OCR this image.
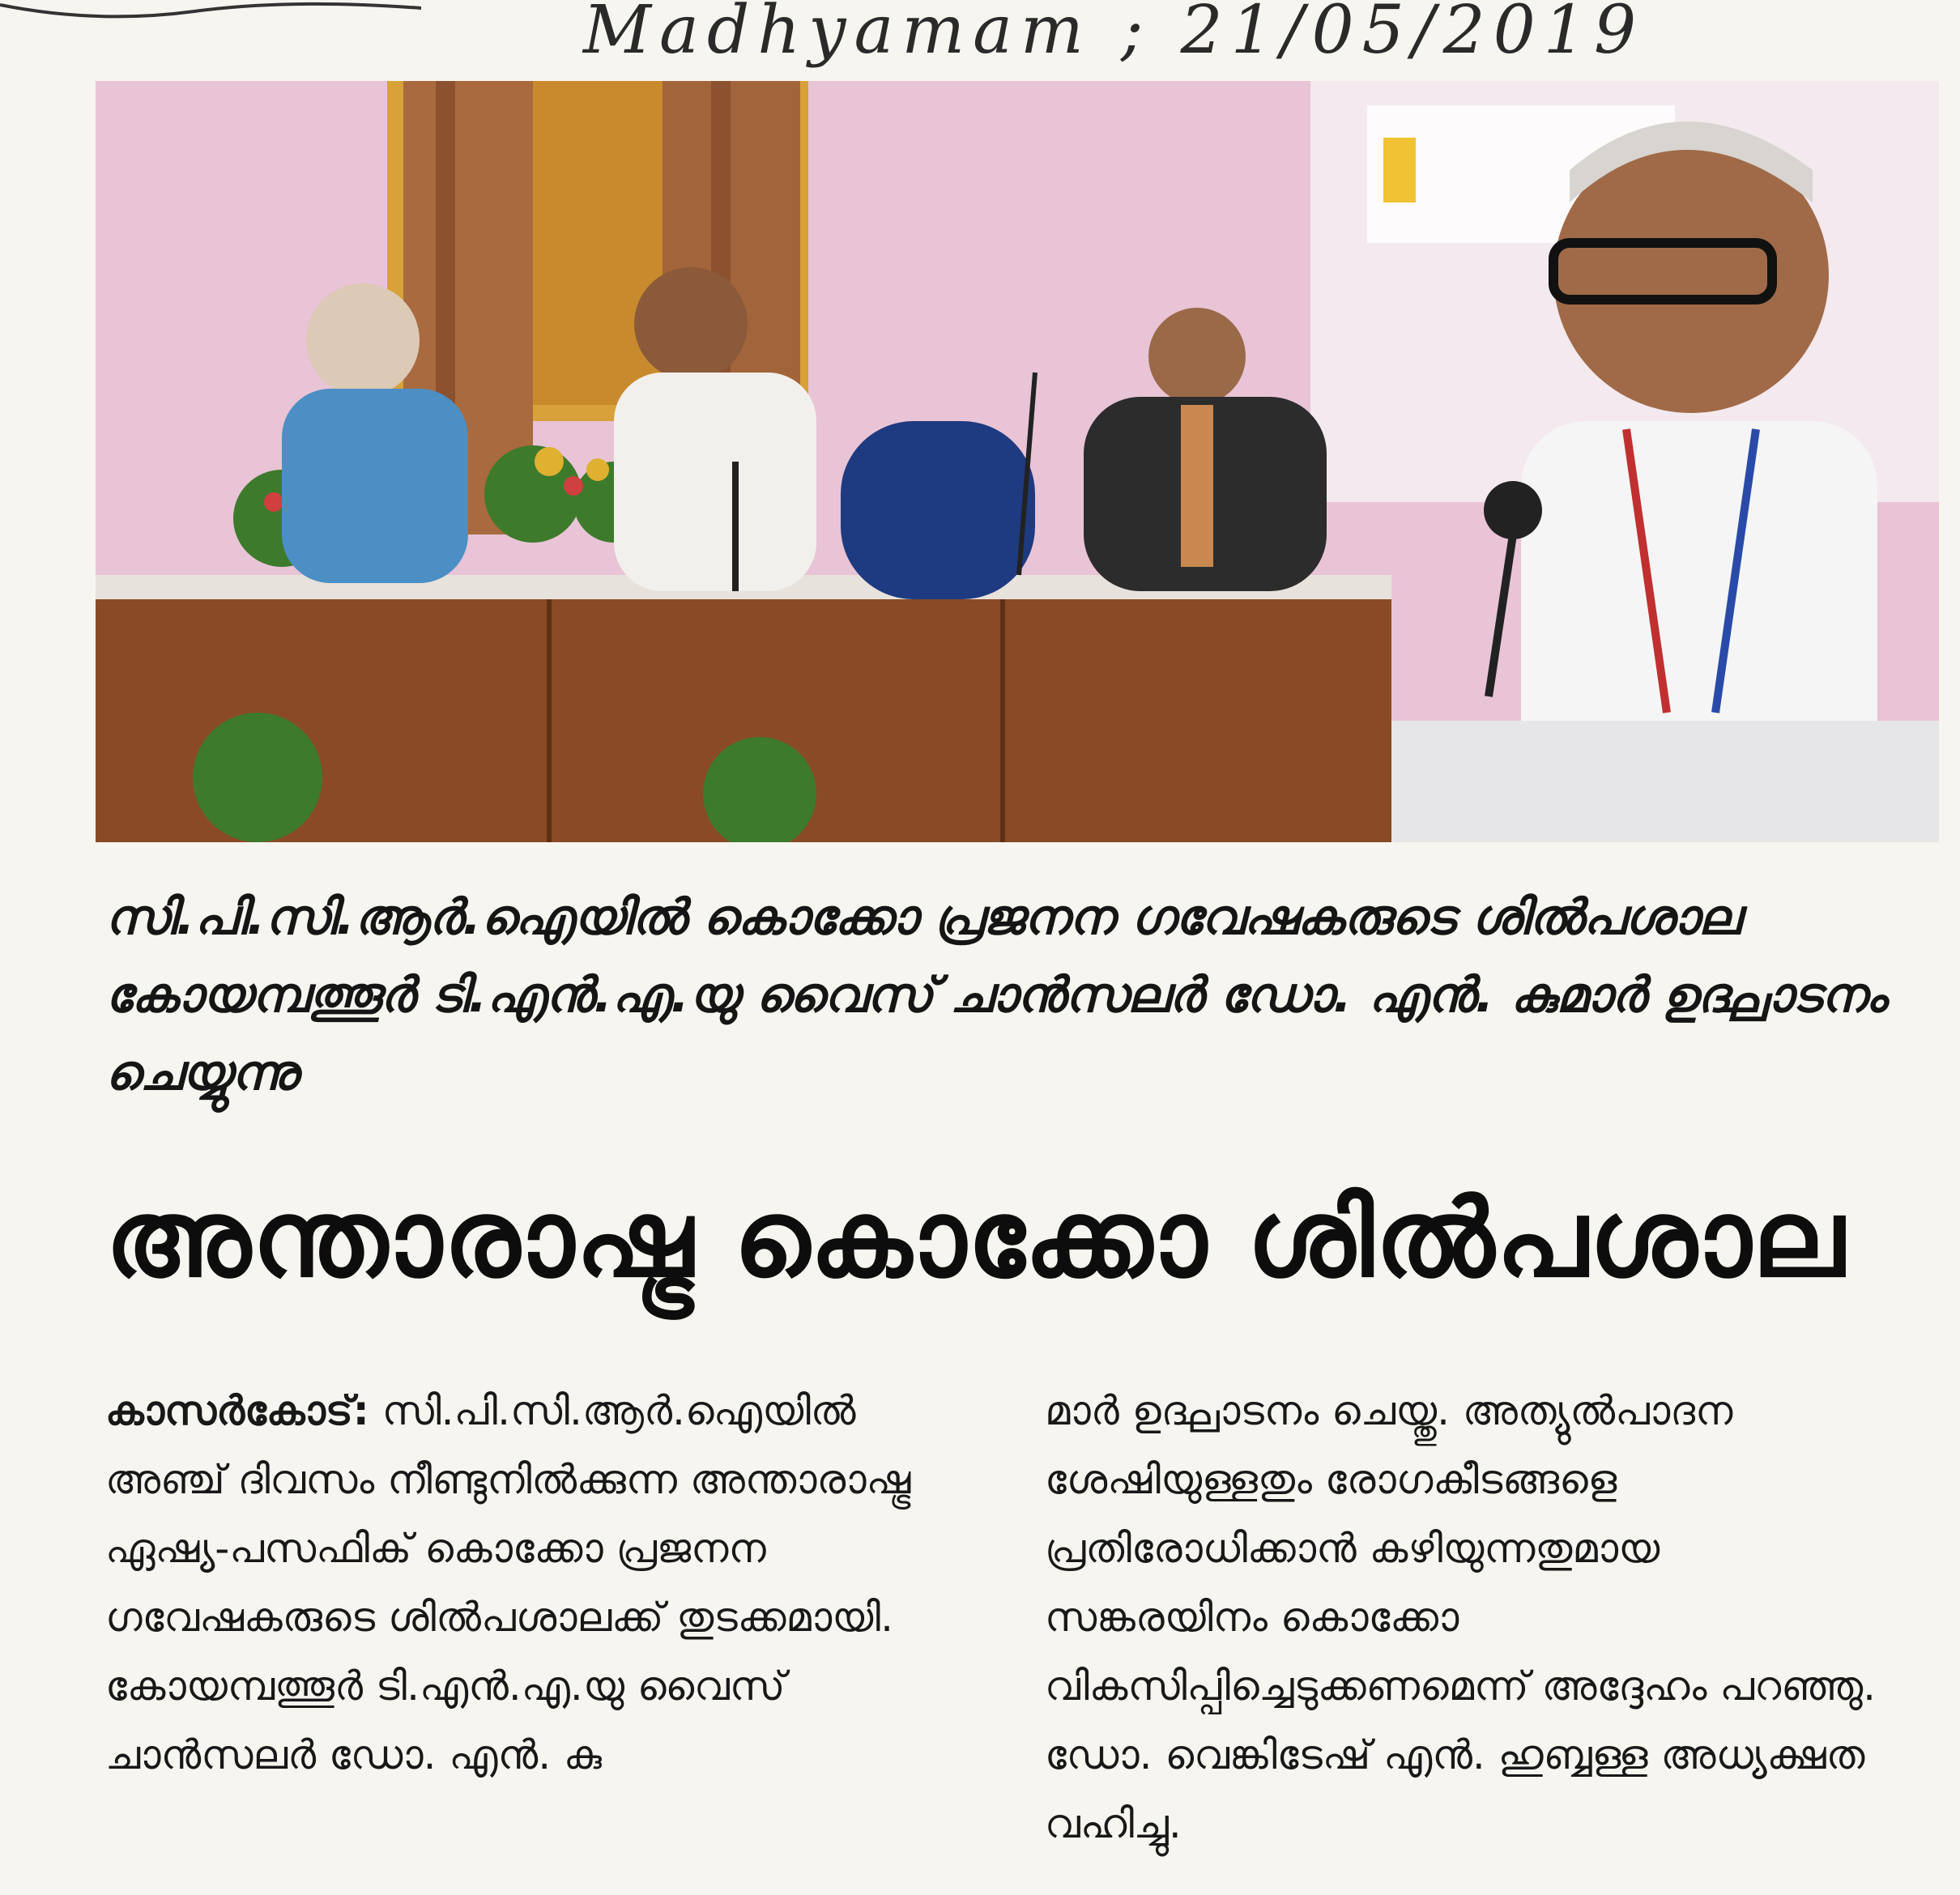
Madhyamam ; 21/05/2019
സി.പി.സി.ആർ.ഐയിൽ കൊക്കോ പ്രജനന ഗവേഷകരുടെ ശിൽപശാല കോയമ്പത്തൂർ ടി.എൻ.എ.യു വൈസ് ചാൻസലർ ഡോ. എൻ. കുമാർ ഉദ്ഘാടനം ചെയ്യുന്നു
അന്താരാഷ്ട്ര കൊക്കോ ശിൽപശാല

കാസർകോട്: സി.പി.സി.ആർ.ഐയിൽ അഞ്ച് ദിവസം നീണ്ടുനിൽക്കുന്ന അന്താരാഷ്ട്ര ഏഷ്യ-പസഫിക് കൊക്കോ പ്രജനന ഗവേഷകരുടെ ശിൽപശാലക്ക് തുടക്കമായി. കോയമ്പത്തൂർ ടി.എൻ.എ.യു വൈസ് ചാൻസലർ ഡോ. എൻ. കു

മാർ ഉദ്ഘാടനം ചെയ്തു. അത്യുൽപാദന ശേഷിയുള്ളതും രോഗകീടങ്ങളെ പ്രതിരോധിക്കാൻ കഴിയുന്നതുമായ സങ്കരയിനം കൊക്കോ വികസിപ്പിച്ചെടുക്കണമെന്ന് അദ്ദേഹം പറഞ്ഞു. ഡോ. വെങ്കിടേഷ് എൻ. ഹുബ്ബള്ള അധ്യക്ഷത വഹിച്ചു.
